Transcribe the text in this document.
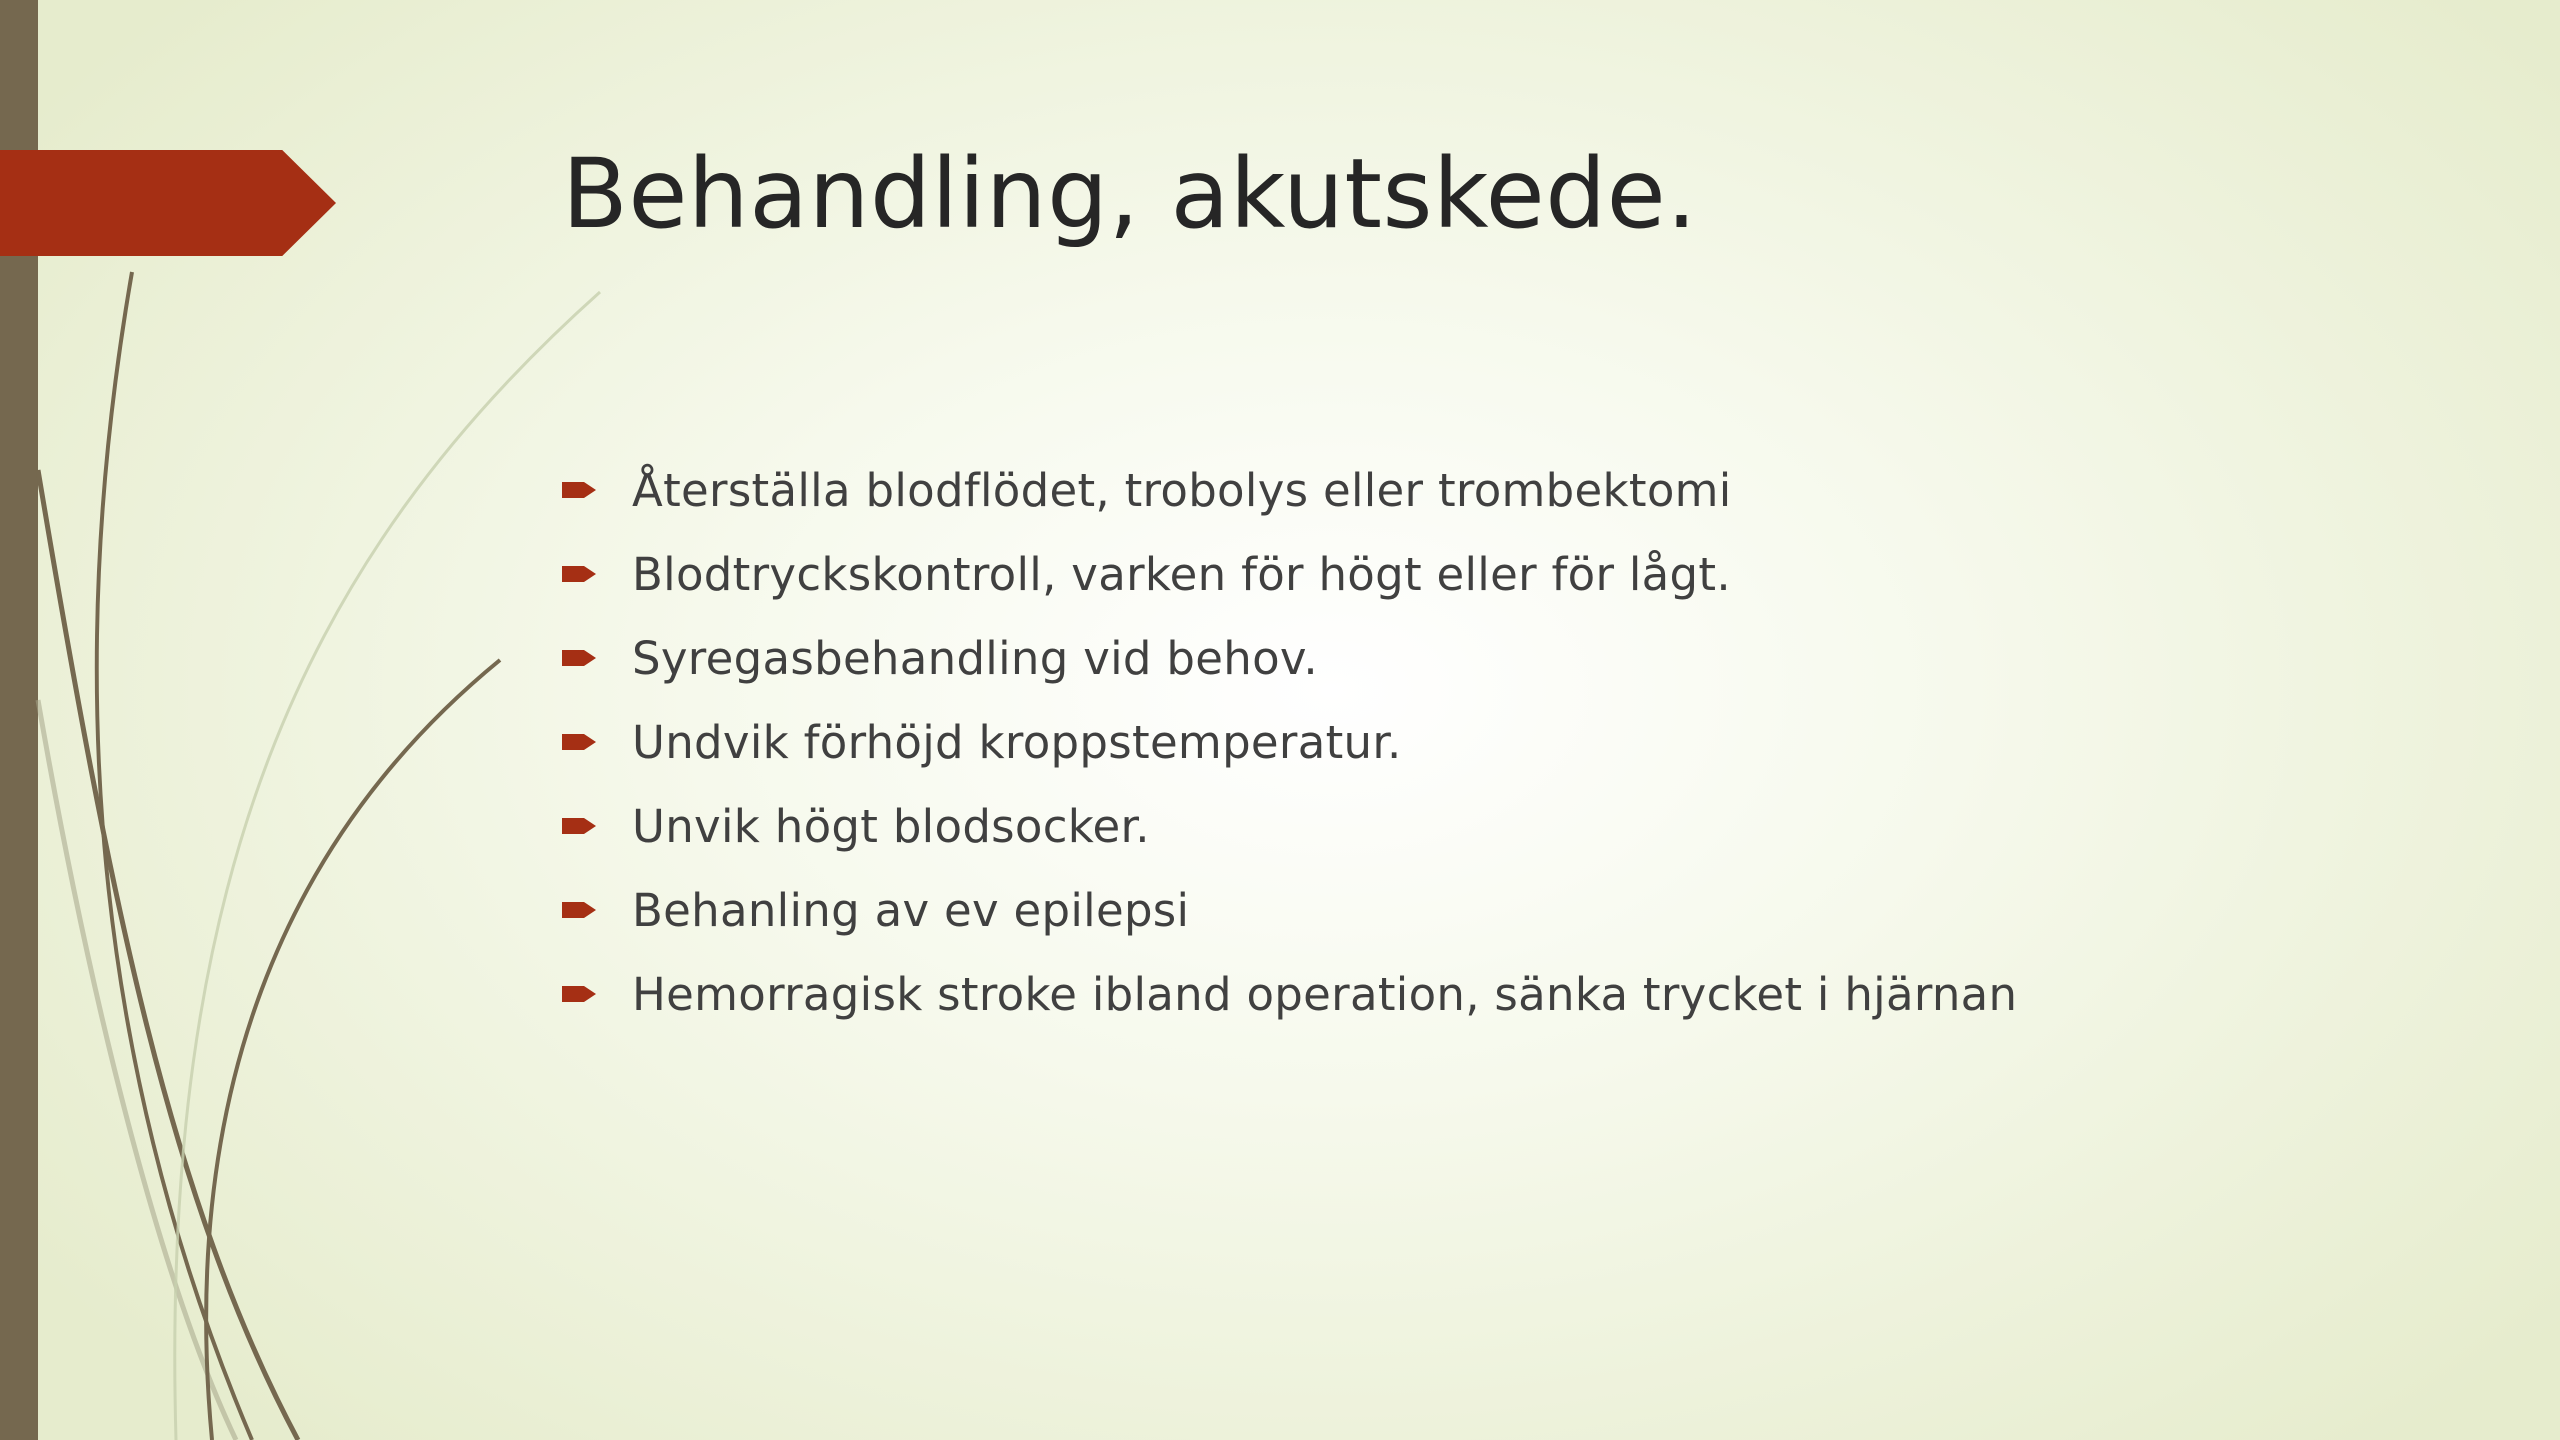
Behandling, akutskede.
Återställa blodflödet, trobolys eller trombektomi
Blodtryckskontroll, varken för högt eller för lågt.
Syregasbehandling vid behov.
Undvik förhöjd kroppstemperatur.
Unvik högt blodsocker.
Behanling av ev epilepsi
Hemorragisk stroke ibland operation, sänka trycket i hjärnan
